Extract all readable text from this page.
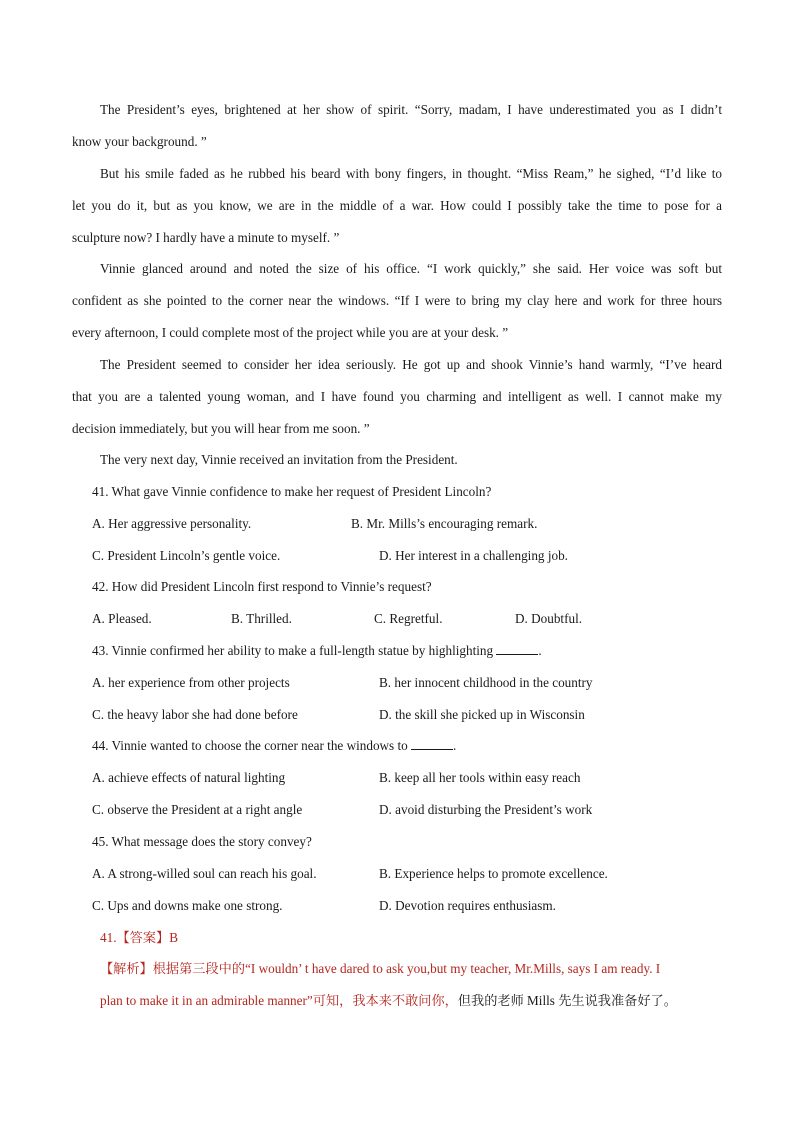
The President’s eyes, brightened at her show of spirit. “Sorry, madam, I have underestimated you as I didn’t
know your background. ”
But his smile faded as he rubbed his beard with bony fingers, in thought. “Miss Ream,” he sighed, “I’d like to
let you do it, but as you know, we are in the middle of a war. How could I possibly take the time to pose for a
sculpture now? I hardly have a minute to myself. ”
Vinnie glanced around and noted the size of his office. “I work quickly,” she said. Her voice was soft but
confident as she pointed to the corner near the windows. “If I were to bring my clay here and work for three hours
every afternoon, I could complete most of the project while you are at your desk. ”
The President seemed to consider her idea seriously. He got up and shook Vinnie’s hand warmly, “I’ve heard
that you are a talented young woman, and I have found you charming and intelligent as well. I cannot make my
decision immediately, but you will hear from me soon. ”
The very next day, Vinnie received an invitation from the President.
41. What gave Vinnie confidence to make her request of President Lincoln?
A. Her aggressive personality.	B. Mr. Mills’s encouraging remark.
C. President Lincoln’s gentle voice.	D. Her interest in a challenging job.
42. How did President Lincoln first respond to Vinnie’s request?
A. Pleased.	B. Thrilled.	C. Regretful.	D. Doubtful.
43. Vinnie confirmed her ability to make a full-length statue by highlighting	.
A. her experience from other projects	B. her innocent childhood in the country
C. the heavy labor she had done before	D. the skill she picked up in Wisconsin
44. Vinnie wanted to choose the corner near the windows to	.
A. achieve effects of natural lighting	B. keep all her tools within easy reach
C. observe the President at a right angle	D. avoid disturbing the President’s work
45. What message does the story convey?
A. A strong-willed soul can reach his goal.	B. Experience helps to promote excellence.
C. Ups and downs make one strong.	D. Devotion requires enthusiasm.
41.【答案】B
【解析】根据第三段中的“I wouldn’ t have dared to ask you,but my teacher, Mr.Mills, says I am ready. I
plan to make it in an admirable manner”可知，我本来不敢问你，但我的老师 Mills 先生说我准备好了。
